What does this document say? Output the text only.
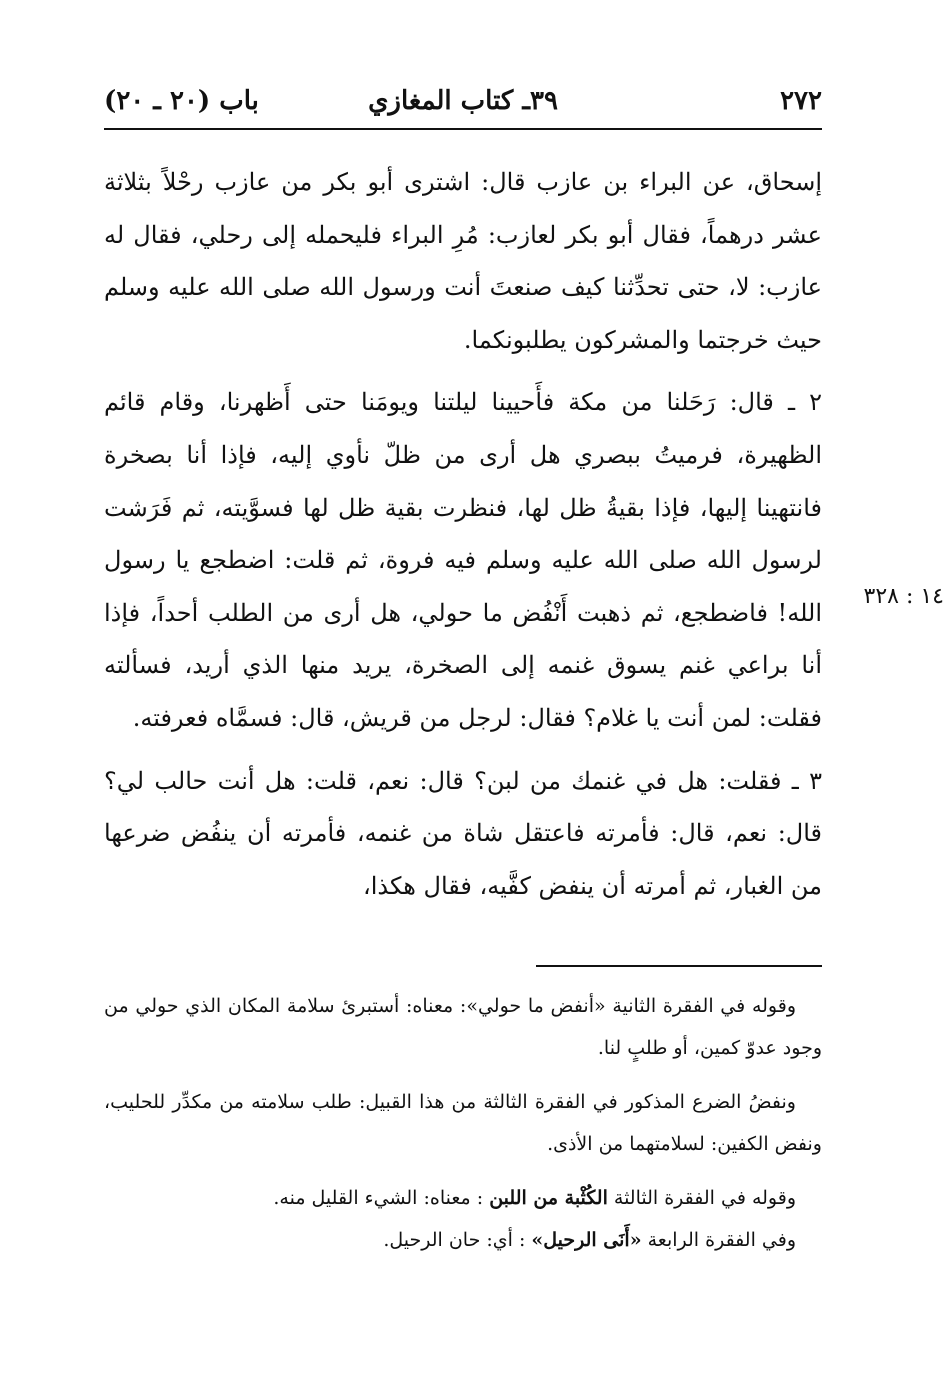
٢٧٢
٣٩ـ كتاب المغازي
باب (٢٠ ـ ٢٠)

إسحاق، عن البراء بن عازب قال: اشترى أبو بكر من عازب رحْلاً بثلاثة عشر درهماً، فقال أبو بكر لعازب: مُرِ البراء فليحمله إلى رحلي، فقال له عازب: لا، حتى تحدِّثنا كيف صنعتَ أنت ورسول الله صلى الله عليه وسلم حيث خرجتما والمشركون يطلبونكما.

٢ ـ قال: رَحَلنا من مكة فأَحيينا ليلتنا ويومَنا حتى أَظهرنا، وقام قائم الظهيرة، فرميتُ ببصري هل أرى من ظلّ نأوي إليه، فإذا أنا بصخرة فانتهينا إليها، فإذا بقيةُ ظل لها، فنظرت بقية ظل لها فسوَّيته، ثم فَرَشت لرسول الله صلى الله عليه وسلم فيه فروة، ثم قلت: اضطجع يا رسول الله! فاضطجع، ثم ذهبت أَنْفُض ما حولي، هل أرى من الطلب أحداً، فإذا أنا براعي غنم يسوق غنمه إلى الصخرة، يريد منها الذي أريد، فسألته فقلت: لمن أنت يا غلام؟ فقال: لرجل من قريش، قال: فسمَّاه فعرفته.

٣ ـ فقلت: هل في غنمك من لبن؟ قال: نعم، قلت: هل أنت حالب لي؟ قال: نعم، قال: فأمرته فاعتقل شاة من غنمه، فأمرته أن ينفُض ضرعها من الغبار، ثم أمرته أن ينفض كفَّيه، فقال هكذا،

١٤ : ٣٢٨

وقوله في الفقرة الثانية «أنفض ما حولي»: معناه: أستبرئ سلامة المكان الذي حولي من وجود عدوّ كمين، أو طلبٍ لنا.

ونفضُ الضرع المذكور في الفقرة الثالثة من هذا القبيل: طلب سلامته من مكدِّر للحليب، ونفض الكفين: لسلامتهما من الأذى.

وقوله في الفقرة الثالثة الكُثْبة من اللبن : معناه: الشيء القليل منه.

وفي الفقرة الرابعة «أَنَى الرحيل» : أي: حان الرحيل.
